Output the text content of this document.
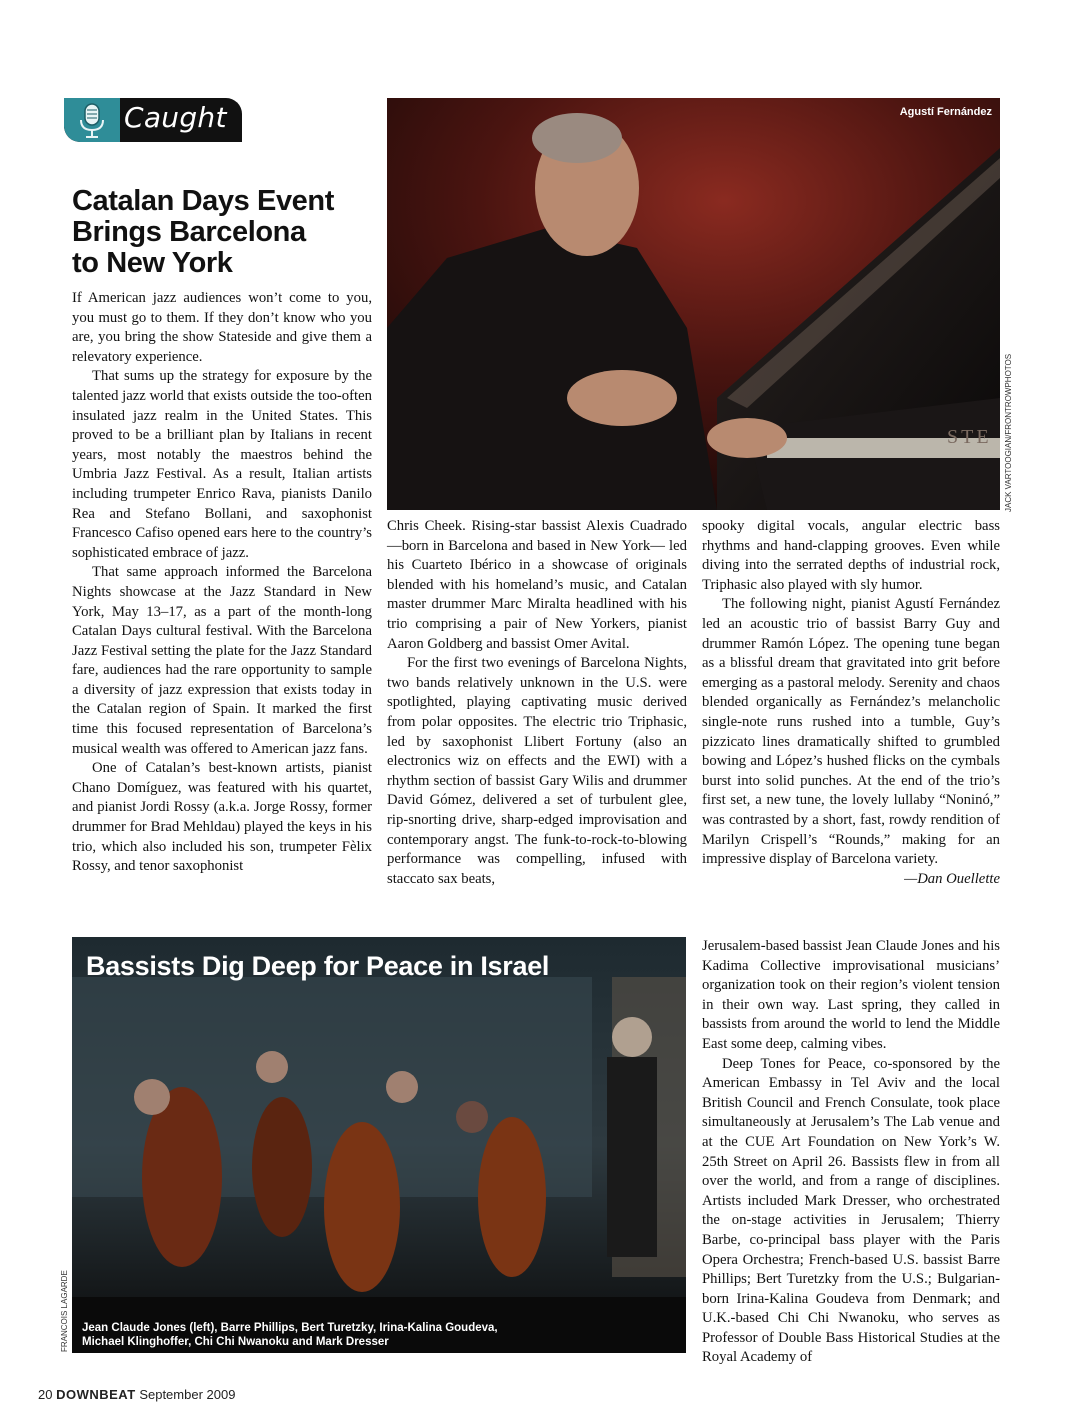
Caught
Catalan Days Event
Brings Barcelona
to New York
STE
Agustí Fernández
JACK VARTOOGIAN/FRONTROWPHOTOS

If American jazz audiences won’t come to you, you must go to them. If they don’t know who you are, you bring the show Stateside and give them a relevatory experience.

That sums up the strategy for exposure by the talented jazz world that exists outside the too-often insulated jazz realm in the United States. This proved to be a brilliant plan by Italians in recent years, most notably the maestros behind the Umbria Jazz Festival. As a result, Italian artists including trumpeter Enrico Rava, pianists Danilo Rea and Stefano Bollani, and saxophonist Francesco Cafiso opened ears here to the country’s sophisticated embrace of jazz.

That same approach informed the Barcelona Nights showcase at the Jazz Standard in New York, May 13–17, as a part of the month-long Catalan Days cultural festival. With the Barcelona Jazz Festival setting the plate for the Jazz Standard fare, audiences had the rare opportunity to sample a diversity of jazz expression that exists today in the Catalan region of Spain. It marked the first time this focused representation of Barcelona’s musical wealth was offered to American jazz fans.

One of Catalan’s best-known artists, pianist Chano Domíguez, was featured with his quartet, and pianist Jordi Rossy (a.k.a. Jorge Rossy, former drummer for Brad Mehldau) played the keys in his trio, which also included his son, trumpeter Fèlix Rossy, and tenor saxophonist

Chris Cheek. Rising-star bassist Alexis Cuadrado—born in Barcelona and based in New York— led his Cuarteto Ibérico in a showcase of originals blended with his homeland’s music, and Catalan master drummer Marc Miralta headlined with his trio comprising a pair of New Yorkers, pianist Aaron Goldberg and bassist Omer Avital.

For the first two evenings of Barcelona Nights, two bands relatively unknown in the U.S. were spotlighted, playing captivating music derived from polar opposites. The electric trio Triphasic, led by saxophonist Llibert Fortuny (also an electronics wiz on effects and the EWI) with a rhythm section of bassist Gary Wilis and drummer David Gómez, delivered a set of turbulent glee, rip-snorting drive, sharp-edged improvisation and contemporary angst. The funk-to-rock-to-blowing performance was compelling, infused with staccato sax beats,

spooky digital vocals, angular electric bass rhythms and hand-clapping grooves. Even while diving into the serrated depths of industrial rock, Triphasic also played with sly humor.

The following night, pianist Agustí Fernández led an acoustic trio of bassist Barry Guy and drummer Ramón López. The opening tune began as a blissful dream that gravitated into grit before emerging as a pastoral melody. Serenity and chaos blended organically as Fernández’s melancholic single-note runs rushed into a tumble, Guy’s pizzicato lines dramatically shifted to grumbled bowing and López’s hushed flicks on the cymbals burst into solid punches. At the end of the trio’s first set, a new tune, the lovely lullaby “Noninó,” was contrasted by a short, fast, rowdy rendition of Marilyn Crispell’s “Rounds,” making for an impressive display of Barcelona variety.

—Dan Ouellette

Bassists Dig Deep for Peace in Israel
Jean Claude Jones (left), Barre Phillips, Bert Turetzky, Irina-Kalina Goudeva,
Michael Klinghoffer, Chi Chi Nwanoku and Mark Dresser
FRANCOIS LAGARDE

Jerusalem-based bassist Jean Claude Jones and his Kadima Collective improvisational musicians’ organization took on their region’s violent tension in their own way. Last spring, they called in bassists from around the world to lend the Middle East some deep, calming vibes.

Deep Tones for Peace, co-sponsored by the American Embassy in Tel Aviv and the local British Council and French Consulate, took place simultaneously at Jerusalem’s The Lab venue and at the CUE Art Foundation on New York’s W. 25th Street on April 26. Bassists flew in from all over the world, and from a range of disciplines. Artists included Mark Dresser, who orchestrated the on-stage activities in Jerusalem; Thierry Barbe, co-principal bass player with the Paris Opera Orchestra; French-based U.S. bassist Barre Phillips; Bert Turetzky from the U.S.; Bulgarian-born Irina-Kalina Goudeva from Denmark; and U.K.-based Chi Chi Nwanoku, who serves as Professor of Double Bass Historical Studies at the Royal Academy of

20 DOWNBEAT September 2009
